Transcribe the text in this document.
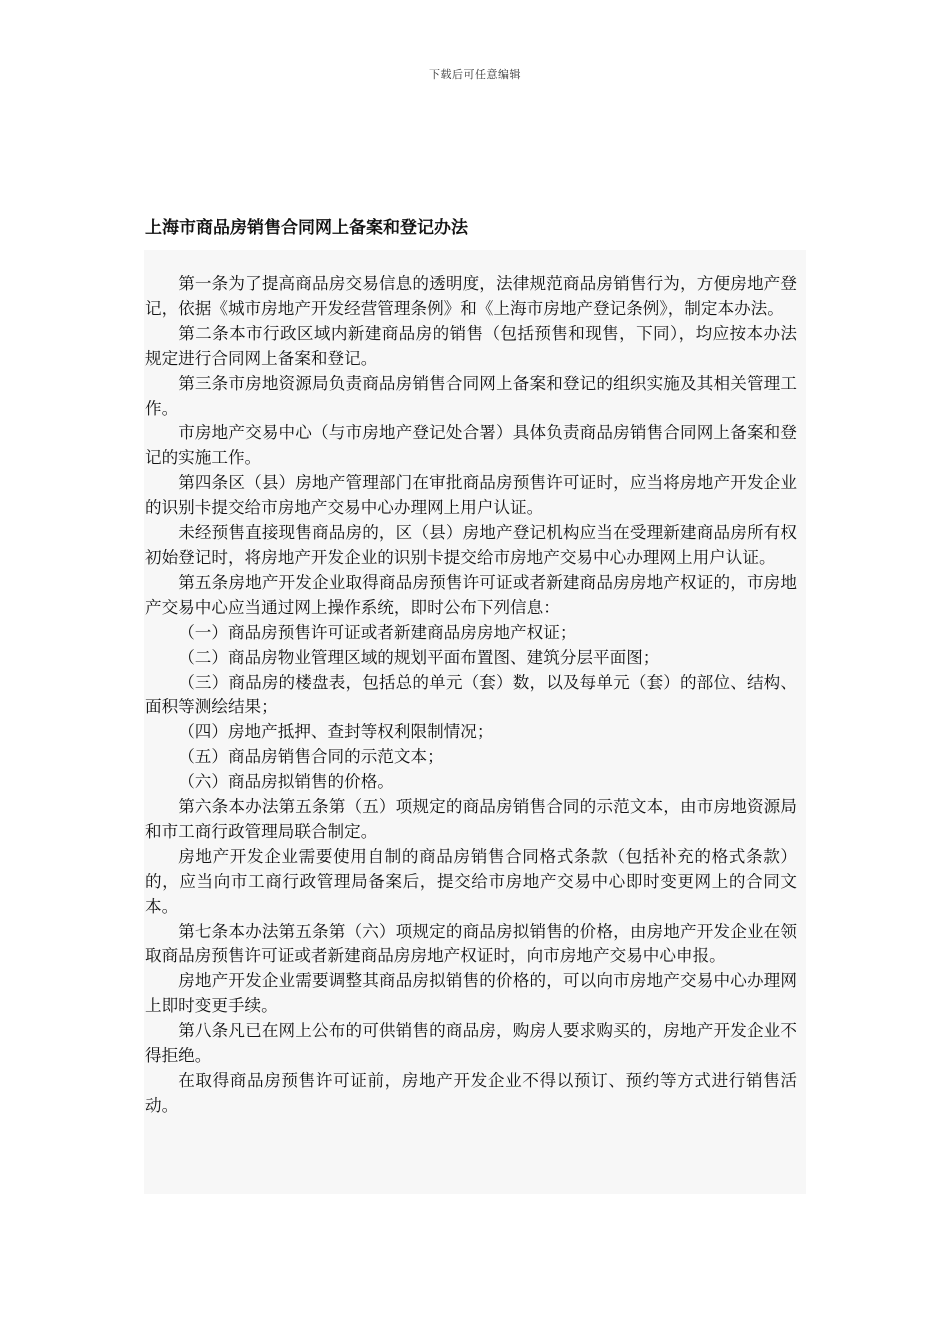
下载后可任意编辑
上海市商品房销售合同网上备案和登记办法

第一条为了提高商品房交易信息的透明度，法律规范商品房销售行为，方便房地产登记，依据《城市房地产开发经营管理条例》和《上海市房地产登记条例》，制定本办法。

第二条本市行政区域内新建商品房的销售（包括预售和现售，下同），均应按本办法规定进行合同网上备案和登记。

第三条市房地资源局负责商品房销售合同网上备案和登记的组织实施及其相关管理工作。

市房地产交易中心（与市房地产登记处合署）具体负责商品房销售合同网上备案和登记的实施工作。

第四条区（县）房地产管理部门在审批商品房预售许可证时，应当将房地产开发企业的识别卡提交给市房地产交易中心办理网上用户认证。

未经预售直接现售商品房的，区（县）房地产登记机构应当在受理新建商品房所有权初始登记时，将房地产开发企业的识别卡提交给市房地产交易中心办理网上用户认证。

第五条房地产开发企业取得商品房预售许可证或者新建商品房房地产权证的，市房地产交易中心应当通过网上操作系统，即时公布下列信息：

（一）商品房预售许可证或者新建商品房房地产权证；

（二）商品房物业管理区域的规划平面布置图、建筑分层平面图；

（三）商品房的楼盘表，包括总的单元（套）数，以及每单元（套）的部位、结构、面积等测绘结果；

（四）房地产抵押、查封等权利限制情况；

（五）商品房销售合同的示范文本；

（六）商品房拟销售的价格。

第六条本办法第五条第（五）项规定的商品房销售合同的示范文本，由市房地资源局和市工商行政管理局联合制定。

房地产开发企业需要使用自制的商品房销售合同格式条款（包括补充的格式条款）的，应当向市工商行政管理局备案后，提交给市房地产交易中心即时变更网上的合同文本。

第七条本办法第五条第（六）项规定的商品房拟销售的价格，由房地产开发企业在领取商品房预售许可证或者新建商品房房地产权证时，向市房地产交易中心申报。

房地产开发企业需要调整其商品房拟销售的价格的，可以向市房地产交易中心办理网上即时变更手续。

第八条凡已在网上公布的可供销售的商品房，购房人要求购买的，房地产开发企业不得拒绝。

在取得商品房预售许可证前，房地产开发企业不得以预订、预约等方式进行销售活动。
